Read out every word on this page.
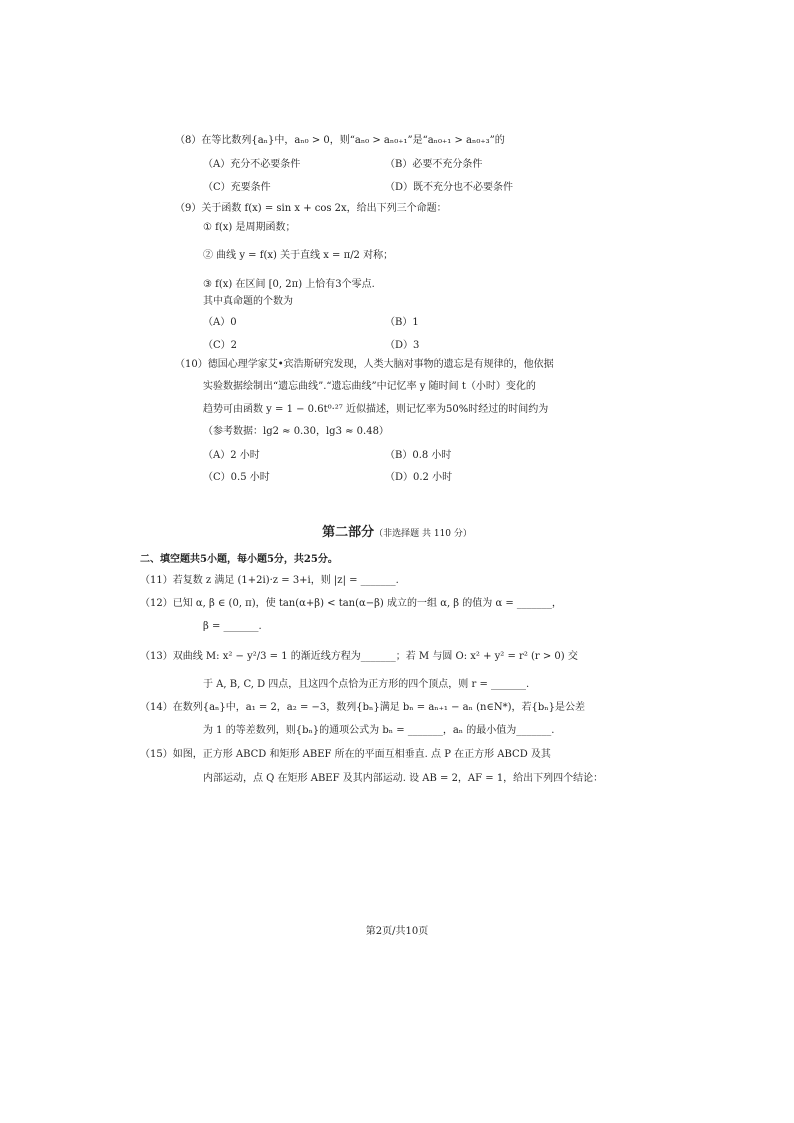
（8）在等比数列{aₙ}中，aₙ₀ > 0，则“aₙ₀ > aₙ₀₊₁”是“aₙ₀₊₁ > aₙ₀₊₃”的
（A）充分不必要条件	（B）必要不充分条件
（C）充要条件	（D）既不充分也不必要条件
（9）关于函数 f(x) = sin x + cos 2x，给出下列三个命题：
① f(x) 是周期函数；
② 曲线 y = f(x) 关于直线 x = π/2 对称；
③ f(x) 在区间 [0, 2π) 上恰有3个零点.
其中真命题的个数为
（A）0	（B）1
（C）2	（D）3
（10）德国心理学家艾•宾浩斯研究发现，人类大脑对事物的遗忘是有规律的，他依据
实验数据绘制出“遗忘曲线”.“遗忘曲线”中记忆率 y 随时间 t（小时）变化的
趋势可由函数 y = 1 − 0.6t⁰·²⁷ 近似描述，则记忆率为50%时经过的时间约为
（参考数据：lg2 ≈ 0.30，lg3 ≈ 0.48）
（A）2 小时	（B）0.8 小时
（C）0.5 小时	（D）0.2 小时
第二部分（非选择题 共 110 分）
二、填空题共5小题，每小题5分，共25分。
（11）若复数 z 满足 (1+2i)·z = 3+i，则 |z| = _______.
（12）已知 α, β ∈ (0, π)，使 tan(α+β) < tan(α−β) 成立的一组 α, β 的值为 α = _______，
β = _______.
（13）双曲线 M: x² − y²/3 = 1 的渐近线方程为_______；若 M 与圆 O: x² + y² = r² (r > 0) 交
于 A, B, C, D 四点，且这四个点恰为正方形的四个顶点，则 r = _______.
（14）在数列{aₙ}中，a₁ = 2，a₂ = −3，数列{bₙ}满足 bₙ = aₙ₊₁ − aₙ (n∈N*)，若{bₙ}是公差
为 1 的等差数列，则{bₙ}的通项公式为 bₙ = _______，aₙ 的最小值为_______.
（15）如图，正方形 ABCD 和矩形 ABEF 所在的平面互相垂直. 点 P 在正方形 ABCD 及其
内部运动，点 Q 在矩形 ABEF 及其内部运动. 设 AB = 2，AF = 1，给出下列四个结论：
第2页/共10页
